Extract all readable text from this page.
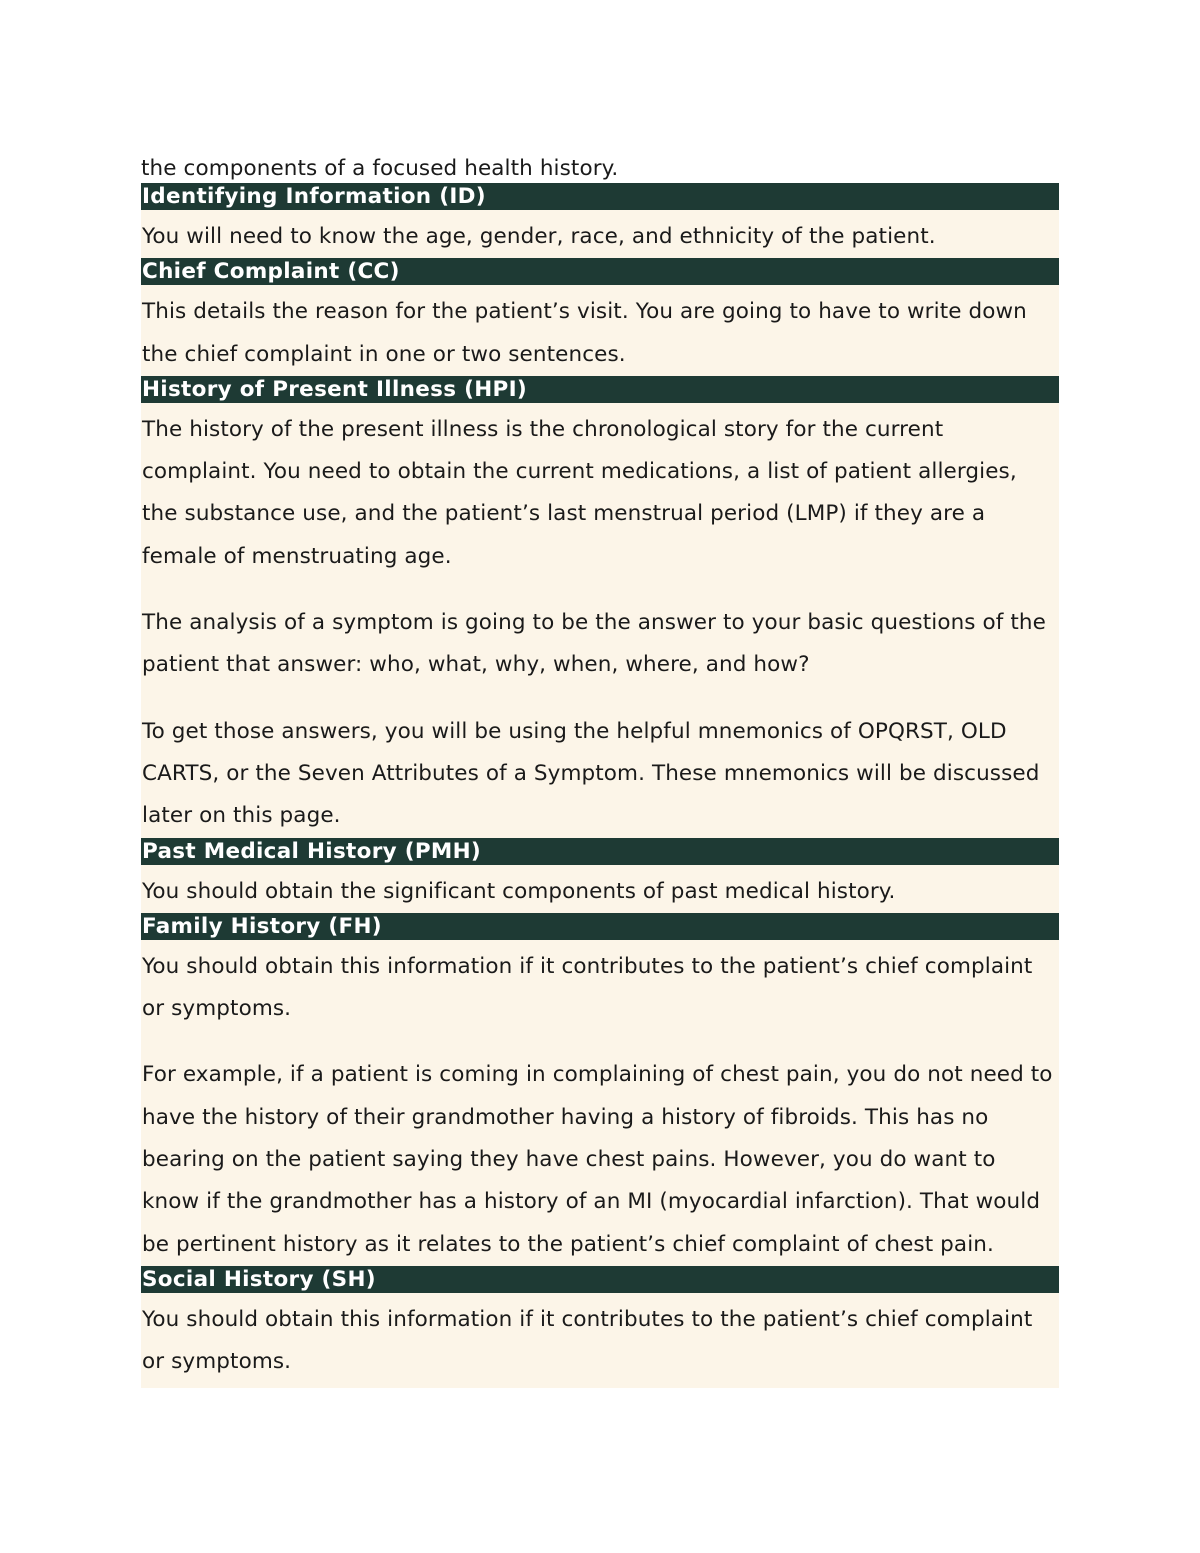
the components of a focused health history.

Identifying Information (ID)

You will need to know the age, gender, race, and ethnicity of the patient.

Chief Complaint (CC)

This details the reason for the patient’s visit. You are going to have to write down the chief complaint in one or two sentences.

History of Present Illness (HPI)

The history of the present illness is the chronological story for the current complaint. You need to obtain the current medications, a list of patient allergies, the substance use, and the patient’s last menstrual period (LMP) if they are a female of menstruating age.

The analysis of a symptom is going to be the answer to your basic questions of the patient that answer: who, what, why, when, where, and how?

To get those answers, you will be using the helpful mnemonics of OPQRST, OLD CARTS, or the Seven Attributes of a Symptom. These mnemonics will be discussed later on this page.

Past Medical History (PMH)

You should obtain the significant components of past medical history.

Family History (FH)

You should obtain this information if it contributes to the patient’s chief complaint or symptoms.

For example, if a patient is coming in complaining of chest pain, you do not need to have the history of their grandmother having a history of fibroids. This has no bearing on the patient saying they have chest pains. However, you do want to know if the grandmother has a history of an MI (myocardial infarction). That would be pertinent history as it relates to the patient’s chief complaint of chest pain.

Social History (SH)

You should obtain this information if it contributes to the patient’s chief complaint or symptoms.
